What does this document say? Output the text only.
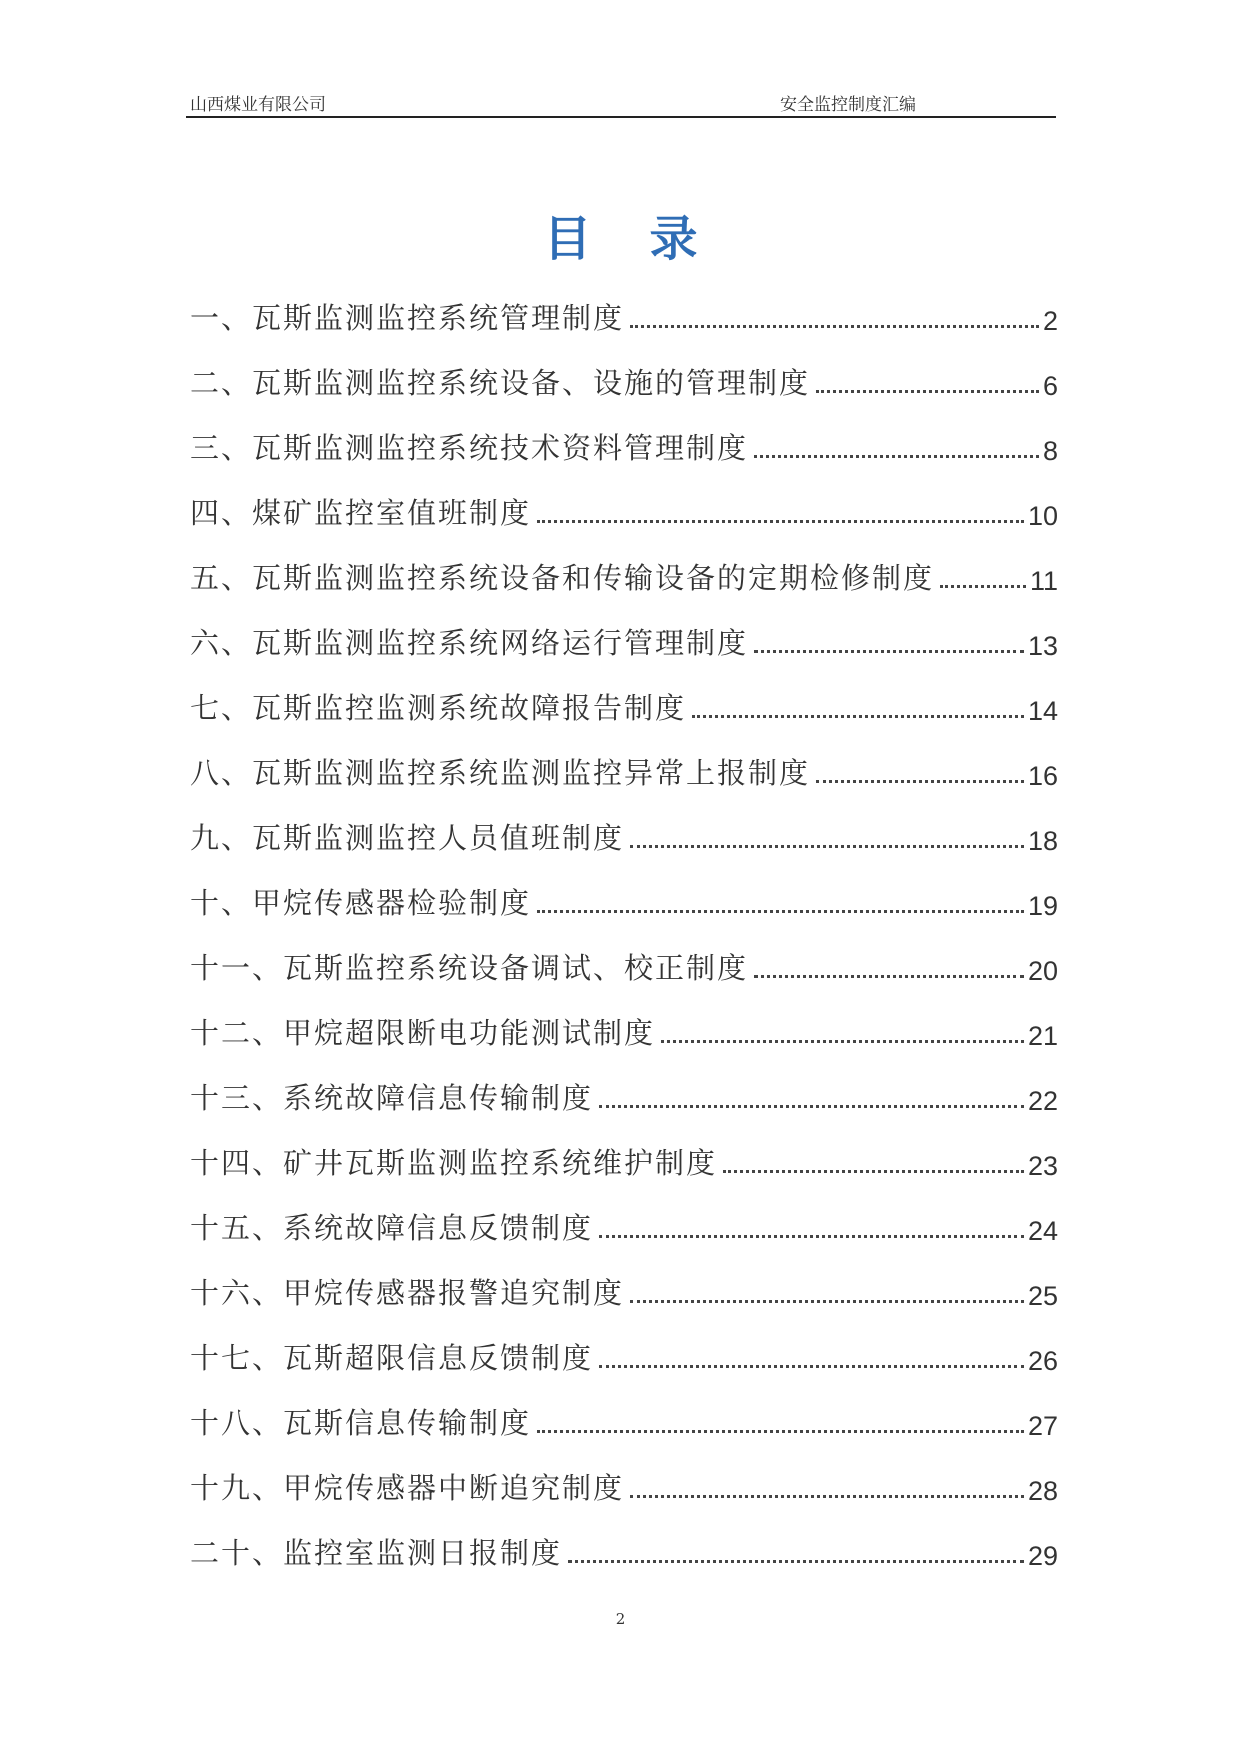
山西煤业有限公司	安全监控制度汇编
目录
一、瓦斯监测监控系统管理制度	2
二、瓦斯监测监控系统设备、设施的管理制度	6
三、瓦斯监测监控系统技术资料管理制度	8
四、煤矿监控室值班制度	10
五、瓦斯监测监控系统设备和传输设备的定期检修制度	11
六、瓦斯监测监控系统网络运行管理制度	13
七、瓦斯监控监测系统故障报告制度	14
八、瓦斯监测监控系统监测监控异常上报制度	16
九、瓦斯监测监控人员值班制度	18
十、甲烷传感器检验制度	19
十一、瓦斯监控系统设备调试、校正制度	20
十二、甲烷超限断电功能测试制度	21
十三、系统故障信息传输制度	22
十四、矿井瓦斯监测监控系统维护制度	23
十五、系统故障信息反馈制度	24
十六、甲烷传感器报警追究制度	25
十七、瓦斯超限信息反馈制度	26
十八、瓦斯信息传输制度	27
十九、甲烷传感器中断追究制度	28
二十、监控室监测日报制度	29
2
